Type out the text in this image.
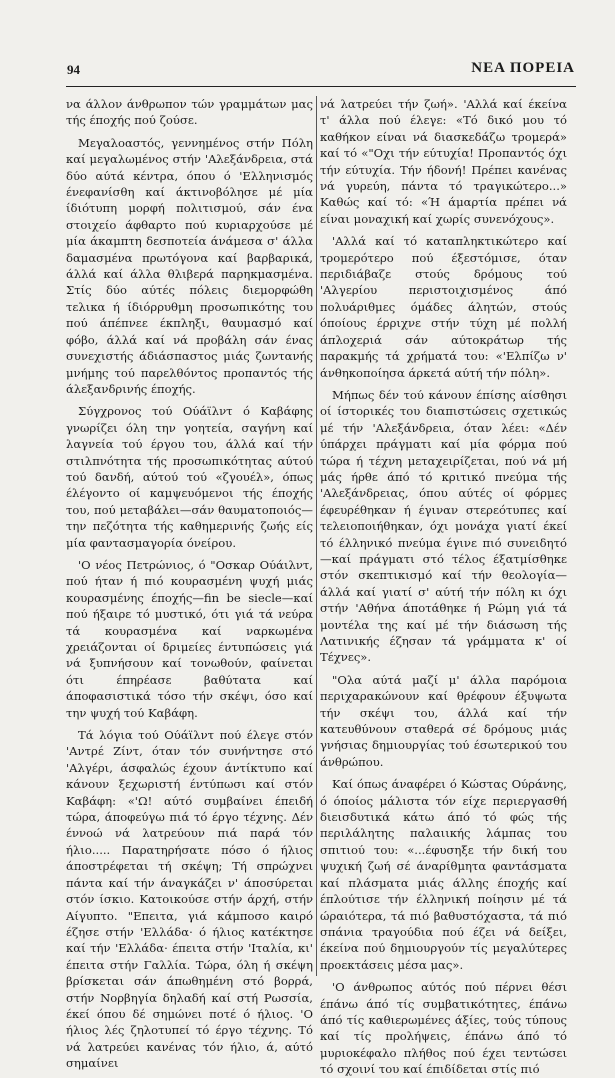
94	ΝΕΑ ΠΟΡΕΙΑ

να άλλον άνθρωπον τών γραμμάτων μας τής έποχής πού ζούσε.

Μεγαλοαστός, γεννημένος στήν Πόλη καί μεγαλωμένος στήν 'Αλεξάνδρεια, στά δύο αύτά κέντρα, όπου ό 'Ελληνισμός ένεφανίσθη καί άκτινοβόλησε μέ μία ίδιότυπη μορφή πολιτισμού, σάν ένα στοιχείο άφθαρτο πού κυριαρχούσε μέ μία άκαμπτη δεσποτεία άνάμεσα σ' άλλα δαμασμένα πρωτόγονα καί βαρβαρικά, άλλά καί άλλα θλιβερά παρηκμασμένα. Στίς δύο αύτές πόλεις διεμορφώθη τελικα ή ίδιόρρυθμη προσωπικότης του πού άπέπνεε έκπληξι, θαυμασμό καί φόβο, άλλά καί νά προβάλη σάν ένας συνεχιστής άδιάσπαστος μιάς ζωντανής μνήμης τού παρελθόντος προπαντός τής άλεξανδρινής έποχής.

Σύγχρονος τού Ούάϊλντ ό Καβάφης γνωρίζει όλη την γοητεία, σαγήνη καί λαγνεία τού έργου του, άλλά καί τήν στιλπνότητα τής προσωπικότητας αύτού τού δανδή, αύτού τού «ζγουέλ», όπως έλέγοντο οί καμψευόμενοι τής έποχής του, πού μεταβάλει—σάν θαυματοποιός—την πεζότητα τής καθημερινής ζωής είς μία φαντασμαγορία όνείρου.

'Ο νέος Πετρώνιος, ό "Οσκαρ Ούάιλντ, πού ήταν ή πιό κουρασμένη ψυχή μιάς κουρασμένης έποχής—fin be siecle—καί πού ήξαιρε τό μυστικό, ότι γιά τά νεύρα τά κουρασμένα καί ναρκωμένα χρειάζονται οί δριμείες έντυπώσεις γιά νά ξυπνήσουν καί τονωθούν, φαίνεται ότι έπηρέασε βαθύτατα καί άποφασιστικά τόσο τήν σκέψι, όσο καί την ψυχή τού Καβάφη.

Τά λόγια τού Ούάϊλντ πού έλεγε στόν 'Αντρέ Ζίντ, όταν τόν συνήντησε στό 'Αλγέρι, άσφαλώς έχουν άντίκτυπο καί κάνουν ξεχωριστή έντύπωσι καί στόν Καβάφη: «'Ω! αύτό συμβαίνει έπειδή τώρα, άποφεύγω πιά τό έργο τέχνης. Δέν έννοώ νά λατρεύουν πιά παρά τόν ήλιο..... Παρατηρήσατε πόσο ό ήλιος άποστρέφεται τή σκέψη; Τή σπρώχνει πάντα καί τήν άναγκάζει ν' άποσύρεται στόν ίσκιο. Κατοικούσε στήν άρχή, στήν Αίγυπτο. "Επειτα, γιά κάμποσο καιρό έζησε στήν 'Ελλάδα· ό ήλιος κατέκτησε καί τήν 'Ελλάδα· έπειτα στήν 'Ιταλία, κι' έπειτα στήν Γαλλία. Τώρα, όλη ή σκέψη βρίσκεται σάν άπωθημένη στό βορρά, στήν Νορβηγία δηλαδή καί στή Ρωσσία, έκεί όπου δέ σημώνει ποτέ ό ήλιος. 'Ο ήλιος λές ζηλοτυπεί τό έργο τέχνης. Τό νά λατρεύει κανένας τόν ήλιο, ά, αύτό σημαίνει

νά λατρεύει τήν ζωή». 'Αλλά καί έκείνα τ' άλλα πού έλεγε: «Τό δικό μου τό καθήκον είναι νά διασκεδάζω τρομερά» καί τό «"Οχι τήν εύτυχία! Προπαντός όχι τήν εύτυχία. Τήν ήδονή! Πρέπει κανένας νά γυρεύη, πάντα τό τραγικώτερο...» Καθώς καί τό: «Ή άμαρτία πρέπει νά είναι μοναχική καί χωρίς συνενόχους».

'Αλλά καί τό καταπληκτικώτερο καί τρομερότερο πού έξεστόμισε, όταν περιδιάβαζε στούς δρόμους τού 'Αλγερίου περιστοιχισμένος άπό πολυάριθμες όμάδες άλητών, στούς όποίους έρριχνε στήν τύχη μέ πολλή άπλοχεριά σάν αύτοκράτωρ τής παρακμής τά χρήματά του: «'Ελπίζω ν' άνθηκοποίησα άρκετά αύτή τήν πόλη».

Μήπως δέν τού κάνουν έπίσης αίσθησι οί ίστορικές του διαπιστώσεις σχετικώς μέ τήν 'Αλεξάνδρεια, όταν λέει: «Δέν ύπάρχει πράγματι καί μία φόρμα πού τώρα ή τέχνη μεταχειρίζεται, πού νά μή μάς ήρθε άπό τό κριτικό πνεύμα τής 'Αλεξάνδρειας, όπου αύτές οί φόρμες έφευρέθηκαν ή έγιναν στερεότυπες καί τελειοποιήθηκαν, όχι μονάχα γιατί έκεί τό έλληνικό πνεύμα έγινε πιό συνειδητό—καί πράγματι στό τέλος έξατμίσθηκε στόν σκεπτικισμό καί τήν θεολογία—άλλά καί γιατί σ' αύτή τήν πόλη κι όχι στήν 'Αθήνα άποτάθηκε ή Ρώμη γιά τά μοντέλα της καί μέ τήν διάσωση τής Λατινικής έζησαν τά γράμματα κ' οί Τέχνες».

"Ολα αύτά μαζί μ' άλλα παρόμοια περιχαρακώνουν καί θρέφουν έξυψωτα τήν σκέψι του, άλλά καί τήν κατευθύνουν σταθερά σέ δρόμους μιάς γνήσιας δημιουργίας τού έσωτερικού του άνθρώπου.

Καί όπως άναφέρει ό Κώστας Ούράνης, ό όποίος μάλιστα τόν είχε περιεργασθή διεισδυτικά κάτω άπό τό φώς τής περιλάλητης παλαιικής λάμπας του σπιτιού του: «...έφυσηξε τήν δική του ψυχική ζωή σέ άναρίθμητα φαντάσματα καί πλάσματα μιάς άλλης έποχής καί έπλούτισε τήν έλληνική ποίησιν μέ τά ώραιότερα, τά πιό βαθυστόχαστα, τά πιό σπάνια τραγούδια πού έζει νά δείξει, έκείνα πού δημιουργούν τίς μεγαλύτερες προεκτάσεις μέσα μας».

'Ο άνθρωπος αύτός πού πέρνει θέσι έπάνω άπό τίς συμβατικότητες, έπάνω άπό τίς καθιερωμένες άξίες, τούς τύπους καί τίς προλήψεις, έπάνω άπό τό μυριοκέφαλο πλήθος πού έχει τεντώσει τό σχοινί του καί έπιδίδεται στίς πιό
